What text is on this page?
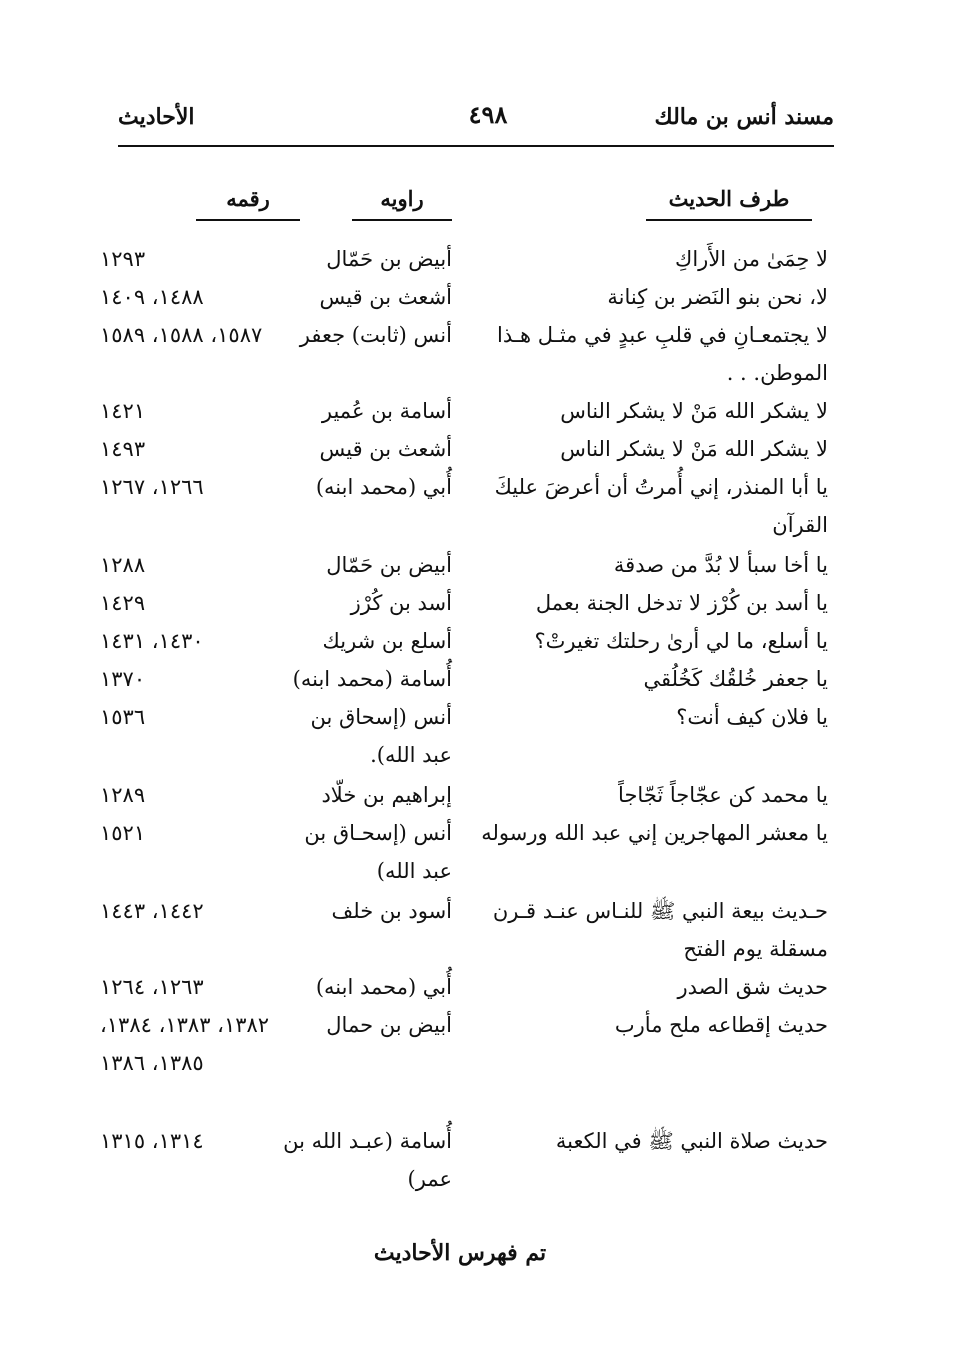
مسند أنس بن مالك
٤٩٨
الأحاديث
طرف الحديث
راويه
رقمه
لا حِمَىٰ من الأَراكِ
أبيض بن حَمّال
١٢٩٣
لا، نحن بنو النَضر بن كِنانة
أشعث بن قيس
١٤٨٨، ١٤٠٩
لا يجتمعـانِ في قلبِ عبدٍ في مثـل هـذا الموطن. . .
أنس (ثابت) جعفر
١٥٨٧، ١٥٨٨، ١٥٨٩
لا يشكر الله مَنْ لا يشكر الناس
أسامة بن عُمير
١٤٢١
لا يشكر الله مَنْ لا يشكر الناس
أشعث بن قيس
١٤٩٣
يا أبا المنذر، إني أُمرتُ أن أعرضَ عليكَ القرآن
أُبي (محمد ابنه)
١٢٦٦، ١٢٦٧
يا أخا سبأ لا بُدَّ من صدقة
أبيض بن حَمّال
١٢٨٨
يا أسد بن كُرْز لا تدخل الجنة بعمل
أسد بن كُرْز
١٤٢٩
يا أسلع، ما لي أرىٰ رحلتك تغيرتْ؟
أسلع بن شريك
١٤٣٠، ١٤٣١
يا جعفر خُلقُك كَخُلُقي
أُسامة (محمد ابنه)
١٣٧٠
يا فلان كيف أنت؟
أنس (إسحاق بن عبد الله).
١٥٣٦
يا محمد كن عجّاجاً ثَجّاجاً
إبراهيم بن خلّاد
١٢٨٩
يا معشر المهاجرين إني عبد الله ورسوله
أنس (إسحـاق بن عبد الله)
١٥٢١
حـديث بيعة النبي ﷺ للنـاس عنـد قـرن مسقلة يوم الفتح
أسود بن خلف
١٤٤٢، ١٤٤٣
حديث شق الصدر
أُبي (محمد ابنه)
١٢٦٣، ١٢٦٤
حديث إقطاعه ملح مأرب
أبيض بن حمال
١٣٨٢، ١٣٨٣، ١٣٨٤، ١٣٨٥، ١٣٨٦
حديث صلاة النبي ﷺ في الكعبة
أُسامة (عبـد الله بن عمر)
١٣١٤، ١٣١٥
تم فهرس الأحاديث
